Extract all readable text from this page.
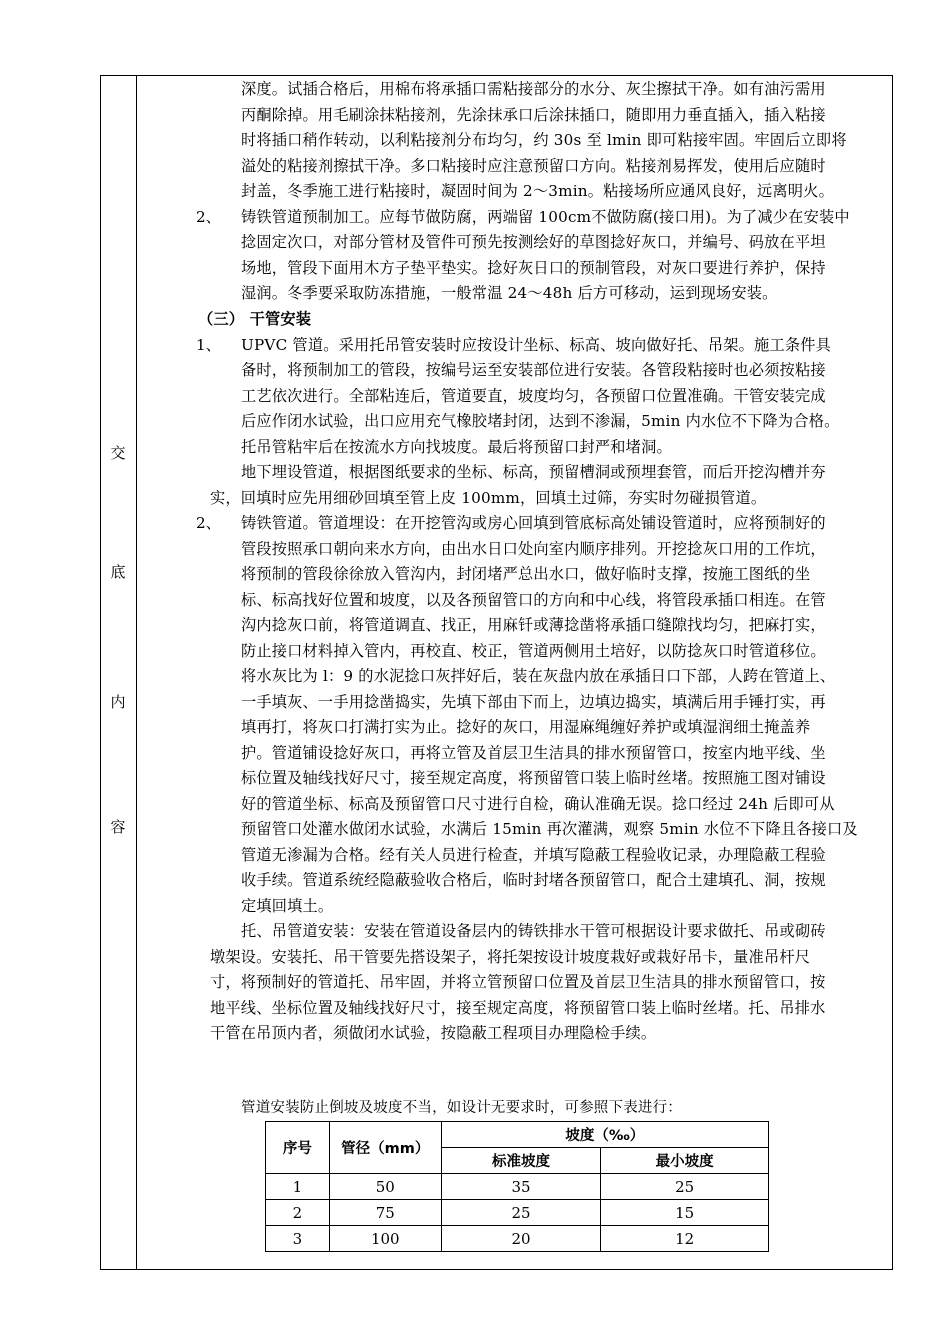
交
底
内
容
深度。试插合格后，用棉布将承插口需粘接部分的水分、灰尘擦拭干净。如有油污需用
丙酮除掉。用毛刷涂抹粘接剂，先涂抹承口后涂抹插口，随即用力垂直插入，插入粘接
时将插口稍作转动，以利粘接剂分布均匀，约 30s 至 lmin 即可粘接牢固。牢固后立即将
溢处的粘接剂擦拭干净。多口粘接时应注意预留口方向。粘接剂易挥发，使用后应随时
封盖，冬季施工进行粘接时，凝固时间为 2～3min。粘接场所应通风良好，远离明火。
2、 铸铁管道预制加工。应每节做防腐，两端留 100cm不做防腐(接口用)。为了减少在安装中
捻固定次口，对部分管材及管件可预先按测绘好的草图捻好灰口，并编号、码放在平坦
场地，管段下面用木方子垫平垫实。捻好灰日口的预制管段，对灰口要进行养护，保持
湿润。冬季要采取防冻措施，一般常温 24～48h 后方可移动，运到现场安装。
（三） 干管安装
1、 UPVC 管道。采用托吊管安装时应按设计坐标、标高、坡向做好托、吊架。施工条件具
备时，将预制加工的管段，按编号运至安装部位进行安装。各管段粘接时也必须按粘接
工艺依次进行。全部粘连后，管道要直，坡度均匀，各预留口位置准确。干管安装完成
后应作闭水试验，出口应用充气橡胶堵封闭，达到不渗漏，5min 内水位不下降为合格。
托吊管粘牢后在按流水方向找坡度。最后将预留口封严和堵洞。
地下埋设管道，根据图纸要求的坐标、标高，预留槽洞或预埋套管，而后开挖沟槽并夯
实，回填时应先用细砂回填至管上皮 100mm，回填土过筛，夯实时勿碰损管道。
2、 铸铁管道。管道埋设：在开挖管沟或房心回填到管底标高处铺设管道时，应将预制好的
管段按照承口朝向来水方向，由出水日口处向室内顺序排列。开挖捻灰口用的工作坑，
将预制的管段徐徐放入管沟内，封闭堵严总出水口，做好临时支撑，按施工图纸的坐
标、标高找好位置和坡度，以及各预留管口的方向和中心线，将管段承插口相连。在管
沟内捻灰口前，将管道调直、找正，用麻钎或薄捻凿将承插口缝隙找均匀，把麻打实，
防止接口材料掉入管内，再校直、校正，管道两侧用土培好，以防捻灰口时管道移位。
将水灰比为 l：9 的水泥捻口灰拌好后，装在灰盘内放在承插日口下部，人跨在管道上、
一手填灰、一手用捻凿捣实，先填下部由下而上，边填边捣实，填满后用手锤打实，再
填再打，将灰口打满打实为止。捻好的灰口，用湿麻绳缠好养护或填湿润细土掩盖养
护。管道铺设捻好灰口，再将立管及首层卫生洁具的排水预留管口，按室内地平线、坐
标位置及轴线找好尺寸，接至规定高度，将预留管口装上临时丝堵。按照施工图对铺设
好的管道坐标、标高及预留管口尺寸进行自检，确认准确无误。捻口经过 24h 后即可从
预留管口处灌水做闭水试验，水满后 15min 再次灌满，观察 5min 水位不下降且各接口及
管道无渗漏为合格。经有关人员进行检查，并填写隐蔽工程验收记录，办理隐蔽工程验
收手续。管道系统经隐蔽验收合格后，临时封堵各预留管口，配合土建填孔、洞，按规
定填回填土。
托、吊管道安装：安装在管道设备层内的铸铁排水干管可根据设计要求做托、吊或砌砖
墩架设。安装托、吊干管要先搭设架子，将托架按设计坡度栽好或栽好吊卡，量准吊杆尺
寸，将预制好的管道托、吊牢固，并将立管预留口位置及首层卫生洁具的排水预留管口，按
地平线、坐标位置及轴线找好尺寸，接至规定高度，将预留管口装上临时丝堵。托、吊排水
干管在吊顶内者，须做闭水试验，按隐蔽工程项目办理隐检手续。
管道安装防止倒坡及坡度不当，如设计无要求时，可参照下表进行：
序号	管径（mm）	坡度（‰）	
		标准坡度	最小坡度
1	50	35	25
2	75	25	15
3	100	20	12
